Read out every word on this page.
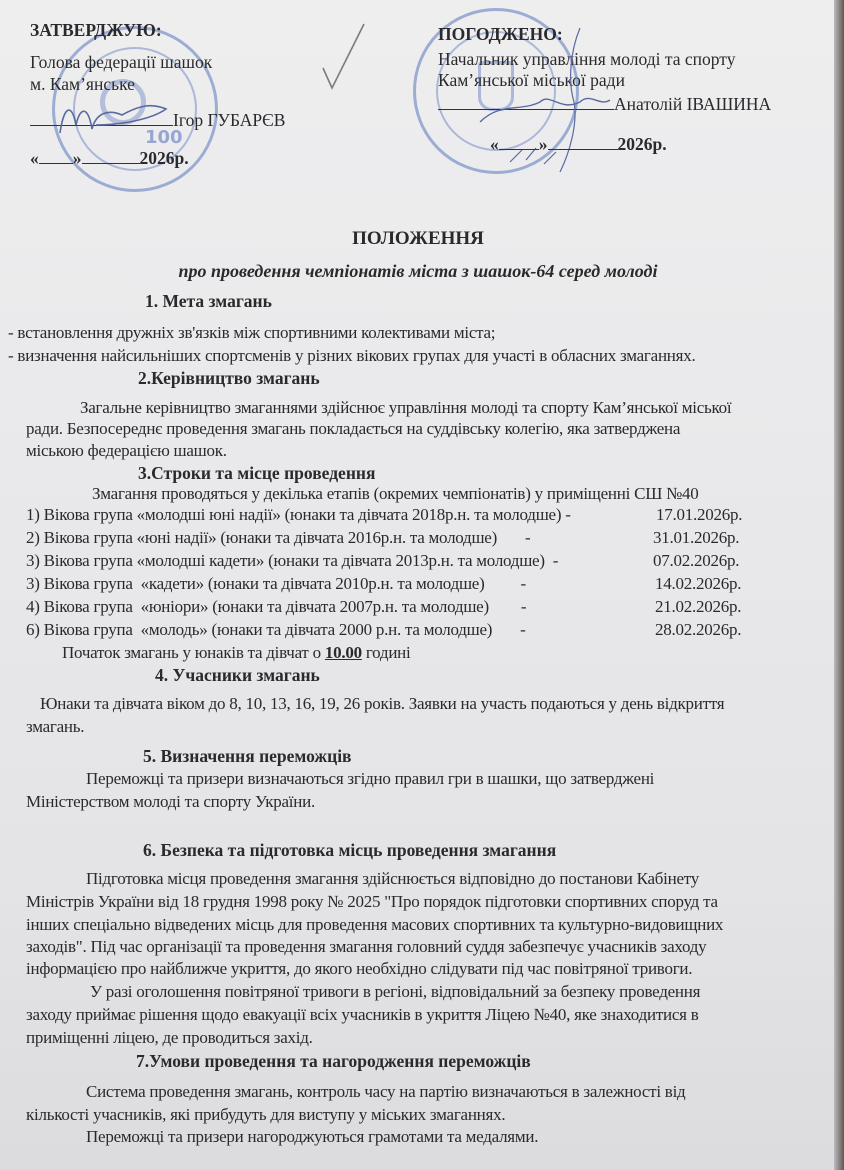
100
ЗАТВЕРДЖУЮ:
Голова федерації шашок
м. Кам’янське
Ігор ГУБАРЄВ
« »	2026р.
ПОГОДЖЕНО:
Начальник управління молоді та спорту
Кам’янської міської ради
Анатолій ІВАШИНА
« »	2026р.
ПОЛОЖЕННЯ
про проведення чемпіонатів міста з шашок-64 серед молоді
1. Мета змагань
- встановлення дружніх зв'язків між спортивними колективами міста;
- визначення найсильніших спортсменів у різних вікових групах для участі в обласних змаганнях.
2.Керівництво змагань
Загальне керівництво змаганнями здійснює управління молоді та спорту Кам’янської міської
ради. Безпосереднє проведення змагань покладається на суддівську колегію, яка затверджена
міською федерацією шашок.
3.Строки та місце проведення
Змагання проводяться у декілька етапів (окремих чемпіонатів) у приміщенні СШ №40
1) Вікова група «молодші юні надії» (юнаки та дівчата 2018р.н. та молодше) -	17.01.2026р.
2) Вікова група «юні надії» (юнаки та дівчата 2016р.н. та молодше)       -	31.01.2026р.
3) Вікова група «молодші кадети» (юнаки та дівчата 2013р.н. та молодше)  -	07.02.2026р.
3) Вікова група  «кадети» (юнаки та дівчата 2010р.н. та молодше)         -	14.02.2026р.
4) Вікова група  «юніори» (юнаки та дівчата 2007р.н. та молодше)        -	21.02.2026р.
6) Вікова група  «молодь» (юнаки та дівчата 2000 р.н. та молодше)       -	28.02.2026р.
Початок змагань у юнаків та дівчат о 10.00 годині
4. Учасники змагань
Юнаки та дівчата віком до 8, 10, 13, 16, 19, 26 років. Заявки на участь подаються у день відкриття
змагань.
5. Визначення переможців
Переможці та призери визначаються згідно правил гри в шашки, що затверджені
Міністерством молоді та спорту України.
6. Безпека та підготовка місць проведення змагання
Підготовка місця проведення змагання здійснюється відповідно до постанови Кабінету
Міністрів України від 18 грудня 1998 року № 2025 "Про порядок підготовки спортивних споруд та
інших спеціально відведених місць для проведення масових спортивних та культурно-видовищних
заходів". Під час організації та проведення змагання головний суддя забезпечує учасників заходу
інформацією про найближче укриття, до якого необхідно слідувати під час повітряної тривоги.
У разі оголошення повітряної тривоги в регіоні, відповідальний за безпеку проведення
заходу приймає рішення щодо евакуації всіх учасників в укриття Ліцею №40, яке знаходитися в
приміщенні ліцею, де проводиться захід.
7.Умови проведення та нагородження переможців
Система проведення змагань, контроль часу на партію визначаються в залежності від
кількості учасників, які прибудуть для виступу у міських змаганнях.
Переможці та призери нагороджуються грамотами та медалями.
